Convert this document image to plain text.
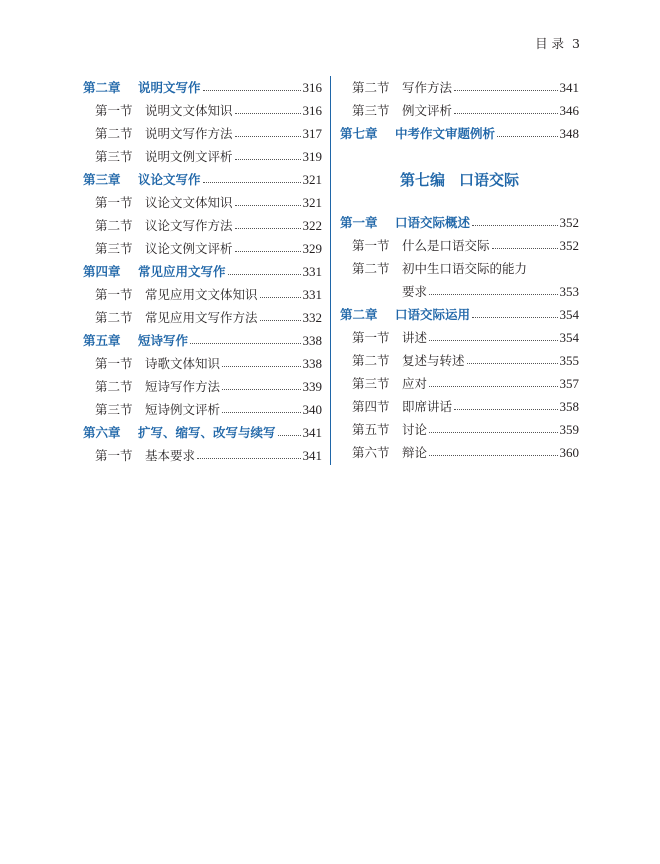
目 录 3
第二章	说明文写作	316
第一节 说明文文体知识	316
第二节 说明文写作方法	317
第三节 说明文例文评析	319
第三章	议论文写作	321
第一节 议论文文体知识	321
第二节 议论文写作方法	322
第三节 议论文例文评析	329
第四章	常见应用文写作	331
第一节 常见应用文文体知识	331
第二节 常见应用文写作方法	332
第五章	短诗写作	338
第一节 诗歌文体知识	338
第二节 短诗写作方法	339
第三节 短诗例文评析	340
第六章	扩写、缩写、改写与续写 341
第一节 基本要求	341
第二节 写作方法	341
第三节 例文评析	346
第七章	中考作文审题例析	348
第七编 口语交际
第一章	口语交际概述	352
第一节 什么是口语交际	352
第二节 初中生口语交际的能力
要求	353
第二章	口语交际运用	354
第一节 讲述	354
第二节 复述与转述	355
第三节 应对	357
第四节 即席讲话	358
第五节 讨论	359
第六节 辩论	360
